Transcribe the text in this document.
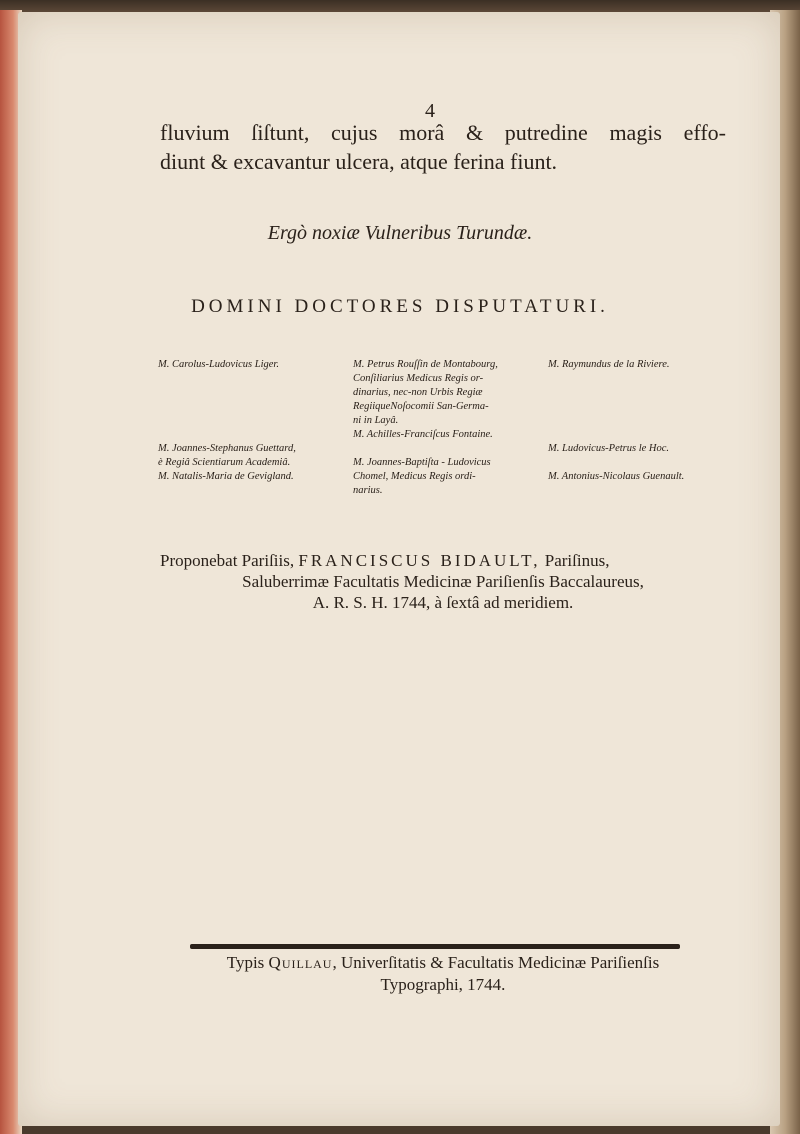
4
fluvium ſiſtunt, cujus morâ & putredine magis effo-
diunt & excavantur ulcera, atque ferina fiunt.
Ergò noxiæ Vulneribus Turundæ.
DOMINI DOCTORES DISPUTATURI.
M. Carolus-Ludovicus Liger.

M. Joannes-Stephanus Guettard,
è Regiâ Scientiarum Academiâ.
M. Natalis-Maria de Gevigland.
M. Petrus Rouſſin de Montabourg,
Conſiliarius Medicus Regis or-
dinarius, nec-non Urbis Regiæ
RegiiqueNoſocomii San-Germa-
ni in Layâ.
M. Achilles-Franciſcus Fontaine.

M. Joannes-Baptiſta - Ludovicus
Chomel, Medicus Regis ordi-
narius.
M. Raymundus de la Riviere.

M. Ludovicus-Petrus le Hoc.

M. Antonius-Nicolaus Guenault.
Proponebat Pariſiis, FRANCISCUS BIDAULT, Pariſinus,
Saluberrimæ Facultatis Medicinæ Pariſienſis Baccalaureus,
A. R. S. H. 1744, à ſextâ ad meridiem.
Typis Quillau, Univerſitatis & Facultatis Medicinæ Pariſienſis
Typographi, 1744.
